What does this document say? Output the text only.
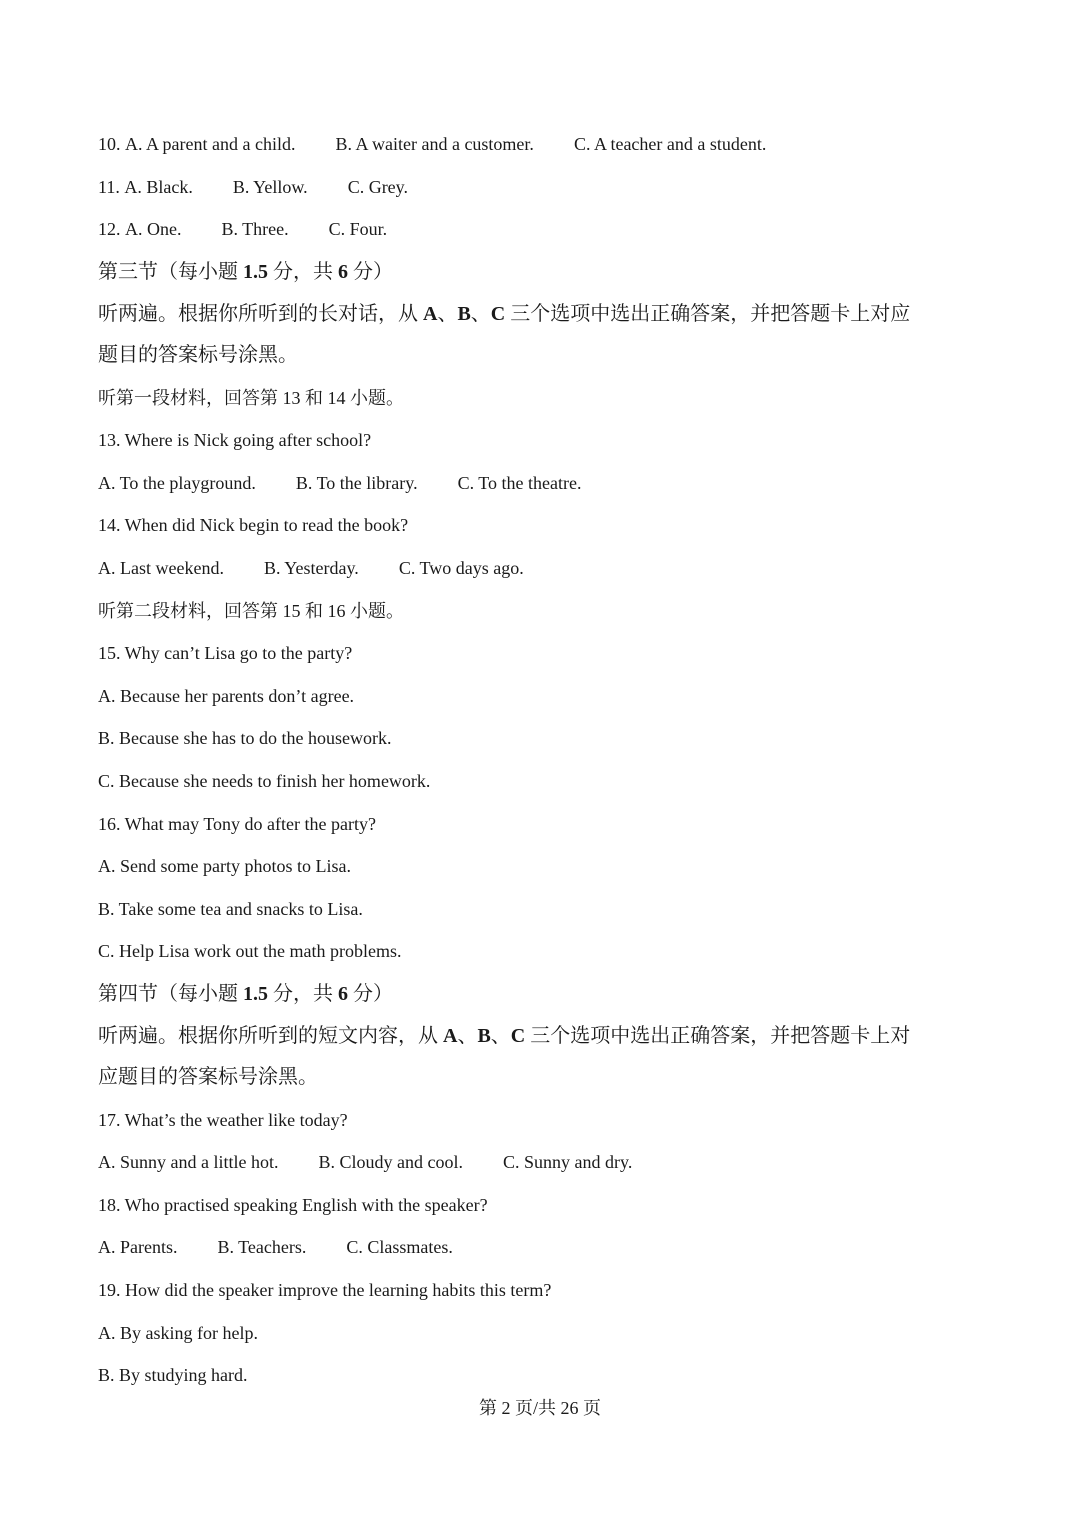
10. A. A parent and a child. B. A waiter and a customer. C. A teacher and a student.
11. A. Black. B. Yellow. C. Grey.
12. A. One. B. Three. C. Four.
第三节（每小题 1.5 分，共 6 分）
听两遍。根据你所听到的长对话，从 A、B、C 三个选项中选出正确答案，并把答题卡上对应
题目的答案标号涂黑。
听第一段材料，回答第 13 和 14 小题。
13. Where is Nick going after school?
A. To the playground. B. To the library. C. To the theatre.
14. When did Nick begin to read the book?
A. Last weekend. B. Yesterday. C. Two days ago.
听第二段材料，回答第 15 和 16 小题。
15. Why can’t Lisa go to the party?
A. Because her parents don’t agree.
B. Because she has to do the housework.
C. Because she needs to finish her homework.
16. What may Tony do after the party?
A. Send some party photos to Lisa.
B. Take some tea and snacks to Lisa.
C. Help Lisa work out the math problems.
第四节（每小题 1.5 分，共 6 分）
听两遍。根据你所听到的短文内容，从 A、B、C 三个选项中选出正确答案，并把答题卡上对
应题目的答案标号涂黑。
17. What’s the weather like today?
A. Sunny and a little hot. B. Cloudy and cool. C. Sunny and dry.
18. Who practised speaking English with the speaker?
A. Parents. B. Teachers. C. Classmates.
19. How did the speaker improve the learning habits this term?
A. By asking for help.
B. By studying hard.
第 2 页/共 26 页
